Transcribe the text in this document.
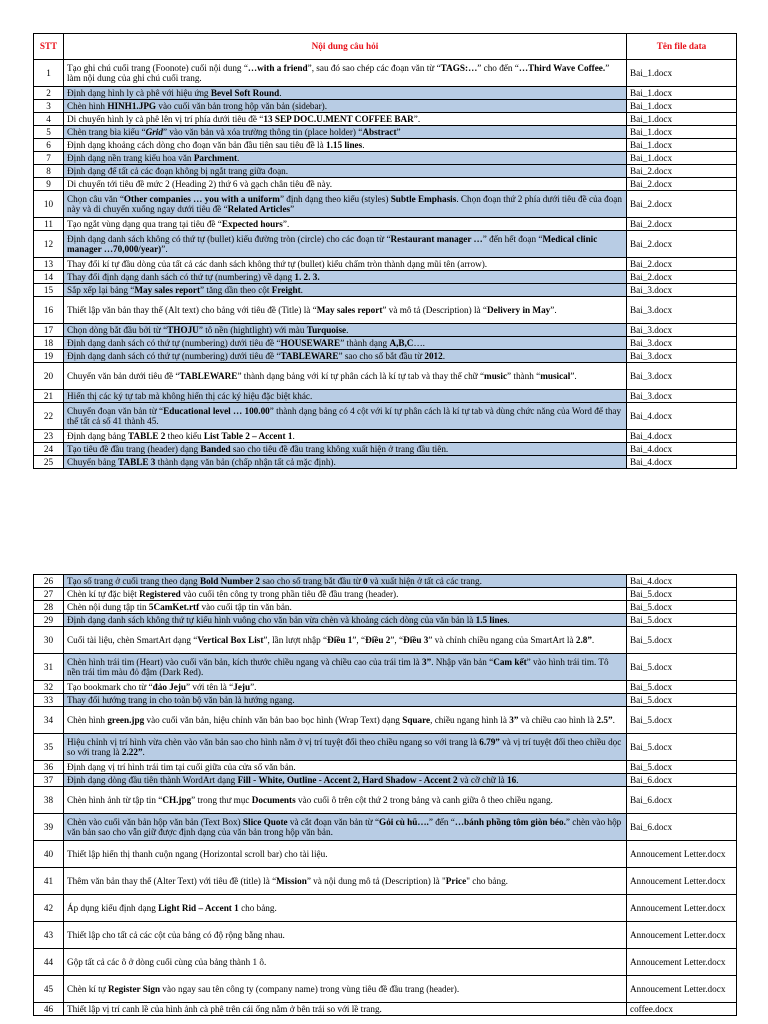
STT	Nội dung câu hỏi	Tên file data
1	Tạo ghi chú cuối trang (Foonote) cuối nội dung “…with a friend”, sau đó sao chép các đoạn văn từ “TAGS:…” cho đến “…Third Wave Coffee.” làm nội dung của ghi chú cuối trang.	Bai_1.docx
2	Định dạng hình ly cà phê với hiệu ứng Bevel Soft Round.	Bai_1.docx
3	Chèn hình HINH1.JPG vào cuối văn bản trong hộp văn bản (sidebar).	Bai_1.docx
4	Di chuyển hình ly cà phê lên vị trí phía dưới tiêu đề “13 SEP DOC.U.MENT COFFEE BAR”.	Bai_1.docx
5	Chèn trang bìa kiểu “Grid” vào văn bản và xóa trường thông tin (place holder) “Abstract”	Bai_1.docx
6	Định dạng khoảng cách dòng cho đoạn văn bản đầu tiên sau tiêu đề là 1.15 lines.	Bai_1.docx
7	Định dạng nền trang kiểu hoa văn Parchment.	Bai_1.docx
8	Định dạng để tất cả các đoạn không bị ngắt trang giữa đoạn.	Bai_2.docx
9	Di chuyển tới tiêu đề mức 2 (Heading 2) thứ 6 và gạch chân tiêu đề này.	Bai_2.docx
10	Chọn câu văn “Other companies … you with a uniform” định dạng theo kiểu (styles) Subtle Emphasis. Chọn đoạn thứ 2 phía dưới tiêu đề của đoạn này và di chuyển xuống ngay dưới tiêu đề “Related Articles”	Bai_2.docx
11	Tạo ngắt vùng dạng qua trang tại tiêu đề “Expected hours”.	Bai_2.docx
12	Định dạng danh sách không có thứ tự (bullet) kiểu đường tròn (circle) cho các đoạn từ “Restaurant manager …” đến hết đoạn “Medical clinic manager …70,000/year)”.	Bai_2.docx
13	Thay đổi kí tự đầu dòng của tất cả các danh sách không thứ tự (bullet) kiểu chấm tròn thành dạng mũi tên (arrow).	Bai_2.docx
14	Thay đổi định dạng danh sách có thứ tự (numbering) về dạng 1. 2. 3.	Bai_2.docx
15	Sắp xếp lại bảng “May sales report” tăng dần theo cột Freight.	Bai_3.docx
16	Thiết lập văn bản thay thế (Alt text) cho bảng với tiêu đề (Title) là “May sales report” và mô tả (Description) là “Delivery in May”.	Bai_3.docx
17	Chọn dòng bắt đầu bởi từ “THOJU” tô nền (hightlight) với màu Turquoise.	Bai_3.docx
18	Định dạng danh sách có thứ tự (numbering) dưới tiêu đề “HOUSEWARE” thành dạng A,B,C….	Bai_3.docx
19	Định dạng danh sách có thứ tự (numbering) dưới tiêu đề “TABLEWARE” sao cho số bắt đầu từ 2012.	Bai_3.docx
20	Chuyển văn bản dưới tiêu đề “TABLEWARE” thành dạng bảng với kí tự phân cách là kí tự tab và thay thế chữ “music” thành “musical”.	Bai_3.docx
21	Hiển thị các ký tự tab mà không hiển thị các ký hiệu đặc biệt khác.	Bai_3.docx
22	Chuyển đoạn văn bản từ “Educational level … 100.00” thành dạng bảng có 4 cột với kí tự phân cách là kí tự tab và dùng chức năng của Word để thay thế tất cả số 41 thành 45.	Bai_4.docx
23	Định dạng bảng TABLE 2 theo kiểu List Table 2 – Accent 1.	Bai_4.docx
24	Tạo tiêu đề đầu trang (header) dạng Banded sao cho tiêu đề đầu trang không xuất hiện ở trang đầu tiên.	Bai_4.docx
25	Chuyển bảng TABLE 3 thành dạng văn bản (chấp nhận tất cả mặc định).	Bai_4.docx
26	Tạo số trang ở cuối trang theo dạng Bold Number 2 sao cho số trang bắt đầu từ 0 và xuất hiện ở tất cả các trang.	Bai_4.docx
27	Chèn kí tự đặc biệt Registered vào cuối tên công ty trong phần tiêu đề đầu trang (header).	Bai_5.docx
28	Chèn nội dung tập tin 5CamKet.rtf vào cuối tập tin văn bản.	Bai_5.docx
29	Định dạng danh sách không thứ tự kiểu hình vuông cho văn bản vừa chèn và khoảng cách dòng của văn bản là 1.5 lines.	Bai_5.docx
30	Cuối tài liệu, chèn SmartArt dạng “Vertical Box List”, lần lượt nhập “Điều 1”, “Điều 2”, “Điều 3” và chỉnh chiều ngang của SmartArt là 2.8”.	Bai_5.docx
31	Chèn hình trái tim (Heart) vào cuối văn bản, kích thước chiều ngang và chiều cao của trái tim là 3”. Nhập văn bản “Cam kết” vào hình trái tim. Tô nền trái tim màu đỏ đậm (Dark Red).	Bai_5.docx
32	Tạo bookmark cho từ “đảo Jeju” với tên là “Jeju”.	Bai_5.docx
33	Thay đổi hướng trang in cho toàn bộ văn bản là hướng ngang.	Bai_5.docx
34	Chèn hình green.jpg vào cuối văn bản, hiệu chỉnh văn bản bao bọc hình (Wrap Text) dạng Square, chiều ngang hình là 3” và chiều cao hình là 2.5”.	Bai_5.docx
35	Hiệu chỉnh vị trí hình vừa chèn vào văn bản sao cho hình nằm ở vị trí tuyệt đối theo chiều ngang so với trang là 6.79” và vị trí tuyệt đối theo chiều dọc so với trang là 2.22”.	Bai_5.docx
36	Định dạng vị trí hình trái tim tại cuối giữa của cửa sổ văn bản.	Bai_5.docx
37	Định dạng dòng đầu tiên thành WordArt dạng Fill - White, Outline - Accent 2, Hard Shadow - Accent 2 và cỡ chữ là 16.	Bai_6.docx
38	Chèn hình ảnh từ tập tin “CH.jpg” trong thư mục Documents vào cuối ô trên cột thứ 2 trong bảng và canh giữa ô theo chiều ngang.	Bai_6.docx
39	Chèn vào cuối văn bản hộp văn bản (Text Box) Slice Quote và cắt đoạn văn bản từ “Gỏi cù hũ….” đến “…bánh phồng tôm giòn béo.” chèn vào hộp văn bản sao cho vẫn giữ được định dạng của văn bản trong hộp văn bản.	Bai_6.docx
40	Thiết lập hiển thị thanh cuộn ngang (Horizontal scroll bar) cho tài liệu.	Annoucement Letter.docx
41	Thêm văn bản thay thế (Alter Text) với tiêu đề (title) là “Mission” và nội dung mô tả (Description) là "Price" cho bảng.	Annoucement Letter.docx
42	Áp dụng kiểu định dạng Light Rid – Accent 1 cho bảng.	Annoucement Letter.docx
43	Thiết lập cho tất cả các cột của bảng có độ rộng bằng nhau.	Annoucement Letter.docx
44	Gộp tất cả các ô ở dòng cuối cùng của bảng thành 1 ô.	Annoucement Letter.docx
45	Chèn kí tự Register Sign vào ngay sau tên công ty (company name) trong vùng tiêu đề đầu trang (header).	Annoucement Letter.docx
46	Thiết lập vị trí canh lề của hình ảnh cà phê trên cái ống nằm ở bên trái so với lề trang.	coffee.docx
